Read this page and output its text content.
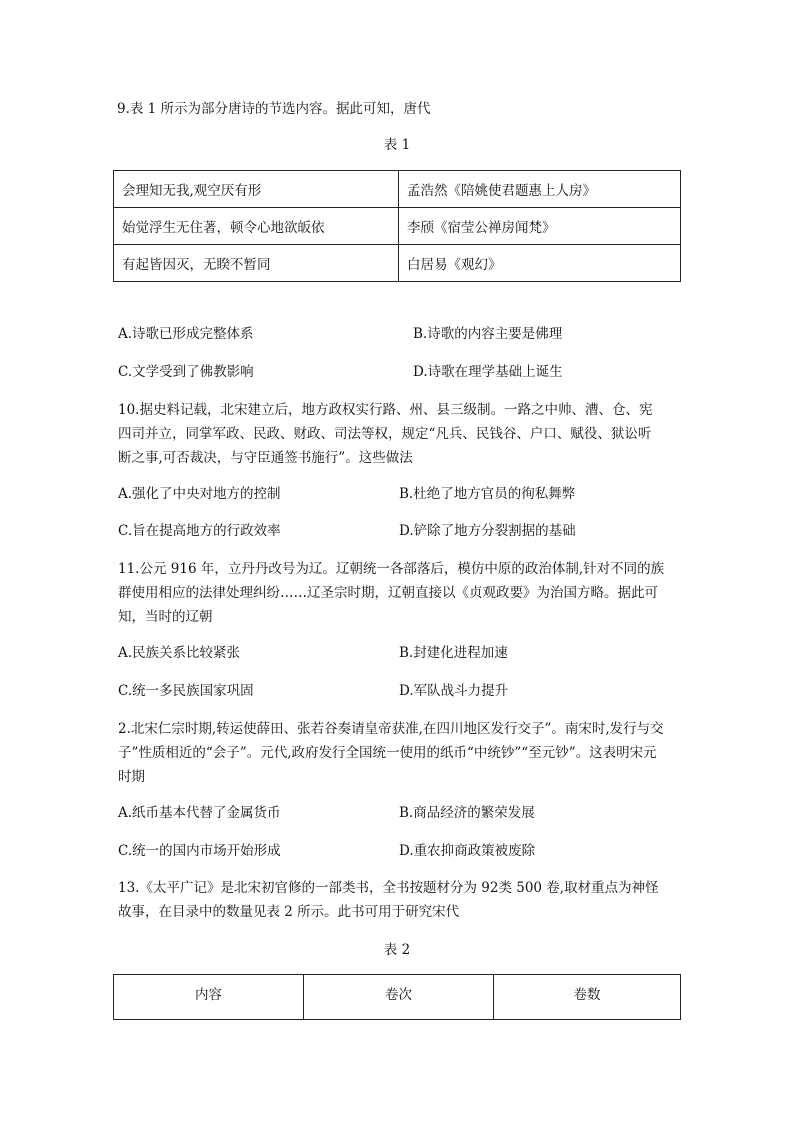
9.表 1 所示为部分唐诗的节选内容。据此可知，唐代
表 1
会理知无我,观空厌有形	孟浩然《陪姚使君题惠上人房》
始觉浮生无住著，顿令心地欲皈依	李颀《宿莹公禅房闻梵》
有起皆因灭，无睽不暂同	白居易《观幻》
A.诗歌已形成完整体系	B.诗歌的内容主要是佛理
C.文学受到了佛教影响	D.诗歌在理学基础上诞生
10.据史料记载，北宋建立后，地方政权实行路、州、县三级制。一路之中帅、漕、仓、宪
四司并立，同掌军政、民政、财政、司法等权，规定“凡兵、民钱谷、户口、赋役、狱讼听
断之事,可否裁决，与守臣通签书施行”。这些做法
A.强化了中央对地方的控制	B.杜绝了地方官员的徇私舞弊
C.旨在提高地方的行政效率	D.铲除了地方分裂割据的基础
11.公元 916 年，立丹丹改号为辽。辽朝统一各部落后，模仿中原的政治体制,针对不同的族
群使用相应的法律处理纠纷……辽圣宗时期，辽朝直接以《贞观政要》为治国方略。据此可
知，当时的辽朝
A.民族关系比较紧张	B.封建化进程加速
C.统一多民族国家巩固	D.军队战斗力提升
2.北宋仁宗时期,转运使薛田、张若谷奏请皇帝获准,在四川地区发行交子”。南宋时,发行与交
子”性质相近的“会子”。元代,政府发行全国统一使用的纸币“中统钞”“至元钞”。这表明宋元
时期
A.纸币基本代替了金属货币	B.商品经济的繁荣发展
C.统一的国内市场开始形成	D.重农抑商政策被废除
13.《太平广记》是北宋初官修的一部类书，全书按题材分为 92类 500 卷,取材重点为神怪
故事，在目录中的数量见表 2 所示。此书可用于研究宋代
表 2
内容	卷次	卷数
